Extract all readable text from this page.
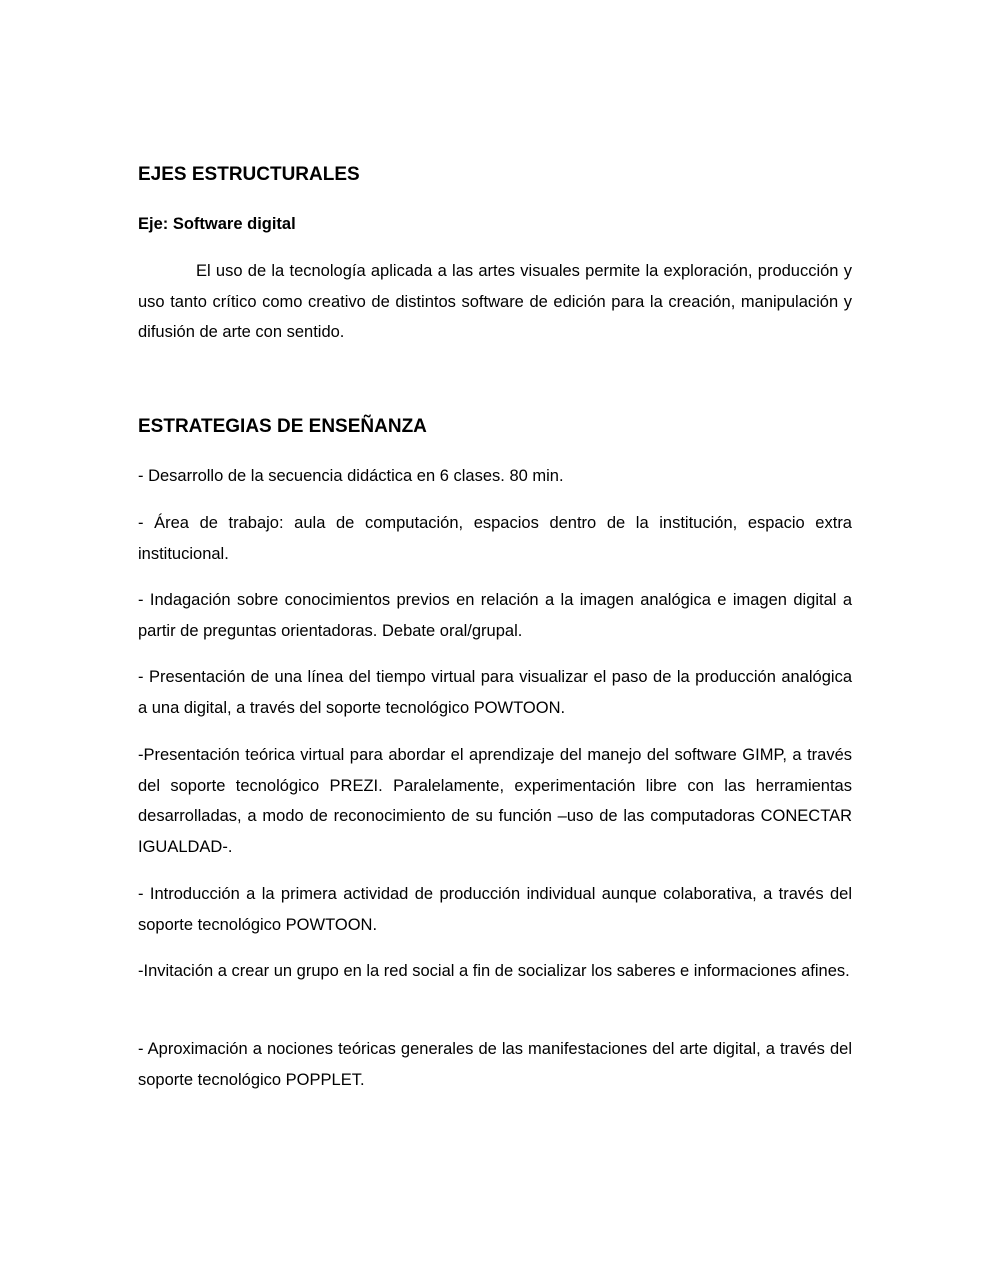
EJES ESTRUCTURALES
Eje: Software digital

El uso de la tecnología aplicada a las artes visuales permite la exploración, producción y uso tanto crítico como creativo de distintos software de edición para la creación, manipulación y difusión de arte con sentido.

ESTRATEGIAS DE ENSEÑANZA

- Desarrollo de la secuencia didáctica en 6 clases. 80 min.

- Área de trabajo: aula de computación, espacios dentro de la institución, espacio extra institucional.

- Indagación sobre conocimientos previos en relación a la imagen analógica e imagen digital a partir de preguntas orientadoras. Debate oral/grupal.

- Presentación de una línea del tiempo virtual para visualizar el paso de la producción analógica a una digital, a través del soporte tecnológico POWTOON.

-Presentación teórica virtual para abordar el aprendizaje del manejo del software GIMP, a través del soporte tecnológico PREZI. Paralelamente, experimentación libre con las herramientas desarrolladas, a modo de reconocimiento de su función –uso de las computadoras CONECTAR IGUALDAD-.

- Introducción a la primera actividad de producción individual aunque colaborativa, a través del soporte tecnológico POWTOON.

-Invitación a crear un grupo en la red social a fin de socializar los saberes e informaciones afines.

- Aproximación a nociones teóricas generales de las manifestaciones del arte digital, a través del soporte tecnológico POPPLET.
